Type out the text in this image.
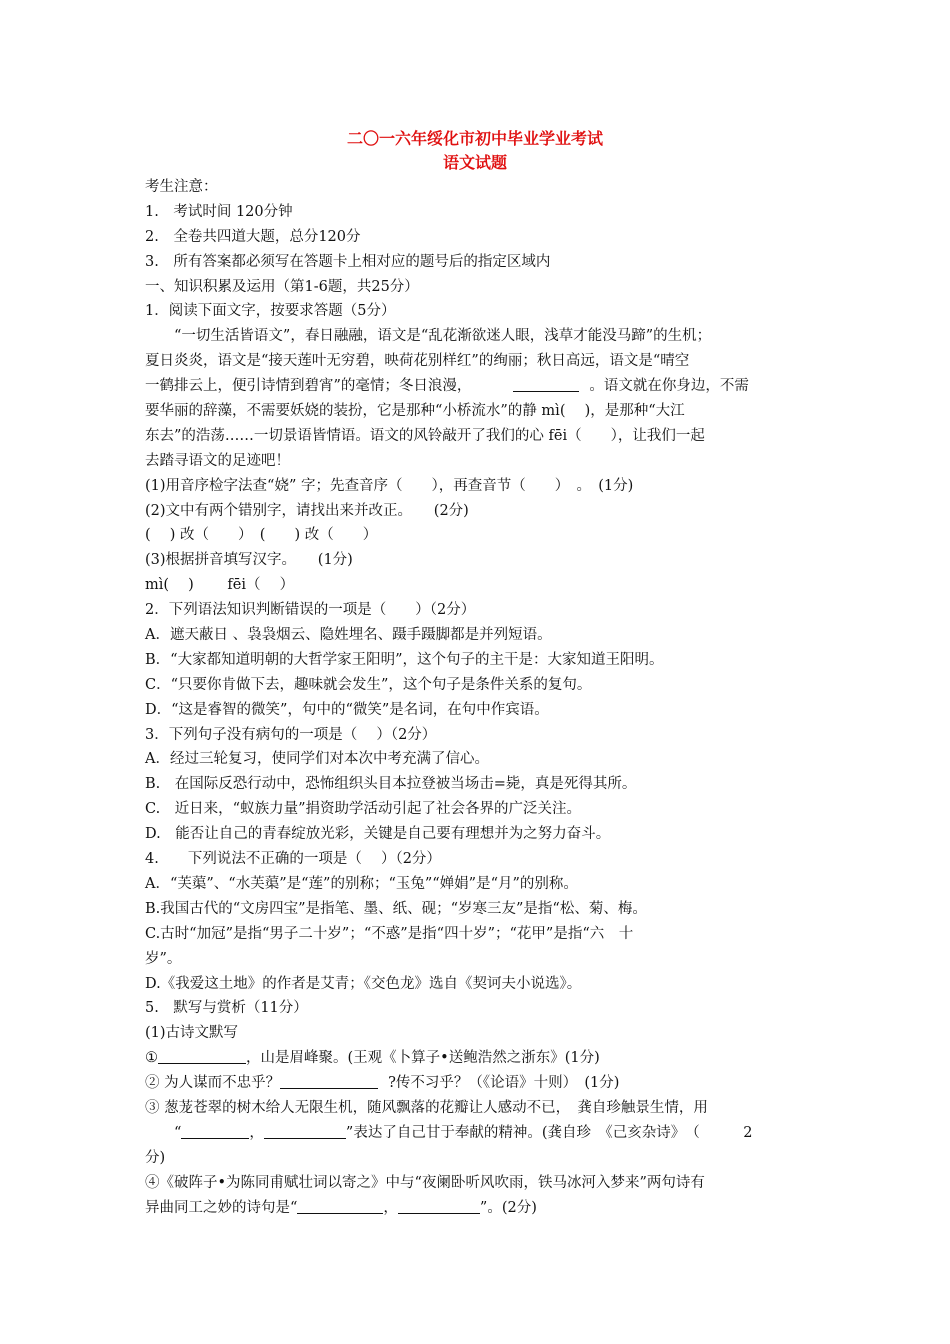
二〇一六年绥化市初中毕业学业考试
语文试题
考生注意：
1.　考试时间 120分钟
2.　全卷共四道大题，总分120分
3.　所有答案都必须写在答题卡上相对应的题号后的指定区域内
一、知识积累及运用（第1-6题，共25分）
1．阅读下面文字，按要求答题（5分）
“一切生活皆语文”，春日融融，语文是“乱花渐欲迷人眼，浅草才能没马蹄”的生机；
夏日炎炎，语文是“接天莲叶无穷碧，映荷花别样红”的绚丽；秋日高远，语文是“晴空
一鹤排云上，便引诗情到碧宵”的毫情；冬日浪漫，	。语文就在你身边，不需
要华丽的辞藻，不需要妖娆的装扮，它是那种“小桥流水”的静 mì(　 )，是那种“大江
东去”的浩荡……一切景语皆情语。语文的风铃敲开了我们的心 fēi（　　），让我们一起
去踏寻语文的足迹吧！
(1)用音序检字法查“娆” 字；先查音序（　　），再查音节（　　）　。　(1分)
(2)文中有两个错别字，请找出来并改正。　　(2分)
(　 ) 改（　　）　(　　) 改（　　）
(3)根据拼音填写汉字。　　(1分)
mì(　 )　　 fēi（　 ）
2．下列语法知识判断错误的一项是（　　）（2分）
A．遮天蔽日 、袅袅烟云、隐姓埋名、蹑手蹑脚都是并列短语。
B．“大家都知道明朝的大哲学家王阳明”，这个句子的主干是：大家知道王阳明。
C．“只要你肯做下去，趣味就会发生”，这个句子是条件关系的复句。
D．“这是睿智的微笑”，句中的“微笑”是名词，在句中作宾语。
3．下列句子没有病句的一项是（　 ）（2分）
A．经过三轮复习，使同学们对本次中考充满了信心。
B.　在国际反恐行动中，恐怖组织头目本拉登被当场击=毙，真是死得其所。
C.　近日来，“蚁族力量”捐资助学活动引起了社会各界的广泛关注。
D.　能否让自己的青春绽放光彩，关键是自己要有理想并为之努力奋斗。
4.　　下列说法不正确的一项是（　 ）（2分）
A．“芙蕖”、“水芙蕖”是“莲”的别称；“玉兔”“婵娟”是“月”的别称。
B.我国古代的“文房四宝”是指笔、墨、纸、砚；“岁寒三友”是指“松、菊、梅。
C.古时“加冠”是指“男子二十岁”；“不惑”是指“四十岁”；“花甲”是指“六　十
岁”。
D.《我爱这土地》的作者是艾青；《交色龙》选自《契诃夫小说选》。
5.　默写与赏析（11分）
(1)古诗文默写
①	，山是眉峰聚。(王观《卜算子•送鲍浩然之浙东》(1分)
② 为人谋而不忠乎？	?传不习乎？（《论语》十则）　(1分)
③ 葱茏苍翠的树木给人无限生机，随风飘落的花瓣让人感动不已，　龚自珍触景生情，用
“	，	”表达了自己甘于奉献的精神。(龚自珍　《己亥杂诗》　（　　　2
分)
④《破阵子•为陈同甫赋壮词以寄之》中与“夜阑卧听风吹雨，铁马冰河入梦来”两句诗有
异曲同工之妙的诗句是“	，	”。(2分)
